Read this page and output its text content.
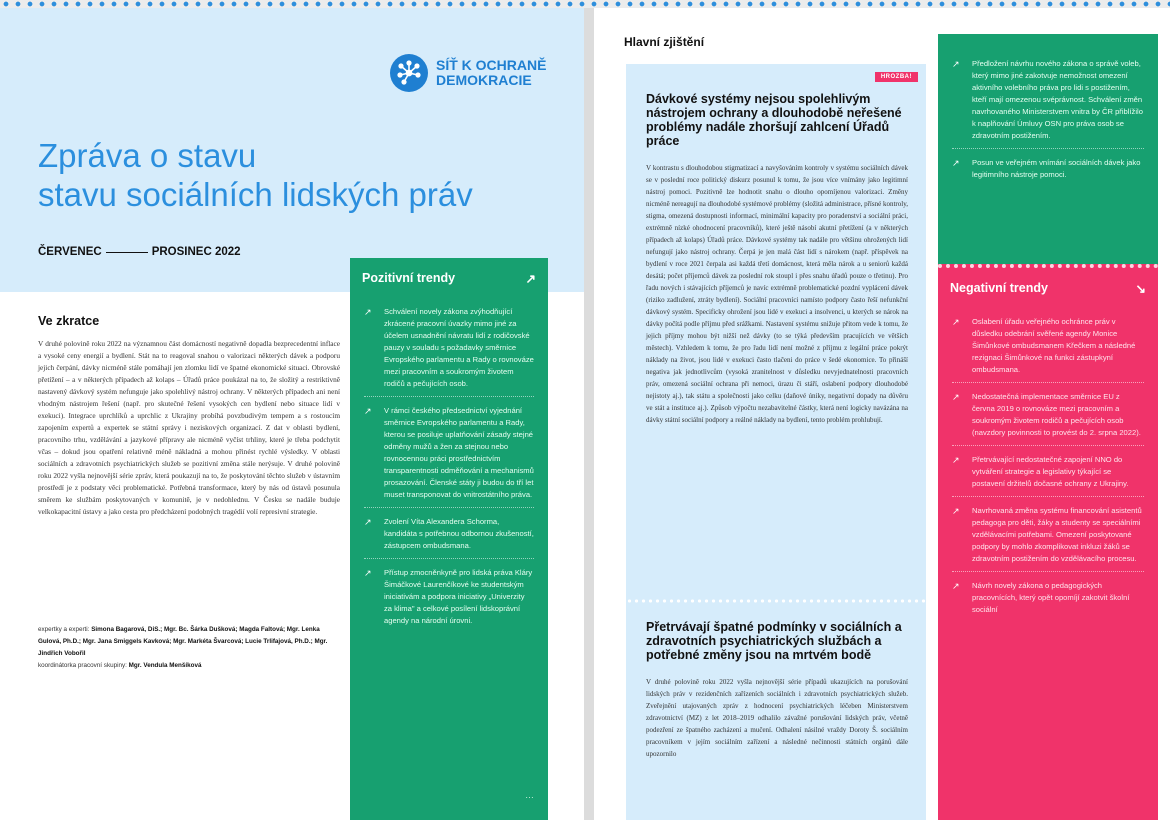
SÍŤ K OCHRANĚ
DEMOKRACIE
Zpráva o stavu
stavu sociálních lidských práv
ČERVENEC	PROSINEC 2022
Ve zkratce

V druhé polovině roku 2022 na významnou část domácností negativně dopadla bezprecedentní inflace a vysoké ceny energií a bydlení. Stát na to reagoval snahou o valorizaci některých dávek a podporu jejich čerpání, dávky nicméně stále pomáhají jen zlomku lidí ve špatné ekonomické situaci. Obrovské přetížení – a v některých případech až kolaps – Úřadů práce poukázal na to, že složitý a restriktivně nastavený dávkový systém nefunguje jako spolehlivý nástroj ochrany. V některých případech ani není vhodným nástrojem řešení (např. pro skutečné řešení vysokých cen bydlení nebo situace lidí v exekuci). Integrace uprchlíků a uprchlic z Ukrajiny probíhá povzbudivým tempem a s rostoucím zapojením expertů a expertek se státní správy i neziskových organizací. Z dat v oblasti bydlení, pracovního trhu, vzdělávání a jazykové přípravy ale nicméně vyčíst trhliny, které je třeba podchytit včas – dokud jsou opatření relativně méně nákladná a mohou přinést rychlé výsledky. V oblasti sociálních a zdravotních psychiatrických služeb se pozitivní změna stále nerýsuje. V druhé polovině roku 2022 vyšla nejnovější série zpráv, která poukazují na to, že poskytování těchto služeb v ústavním prostředí je z podstaty věci problematické. Potřebná transformace, který by nás od ústavů posunula směrem ke službám poskytovaných v komunitě, je v nedohlednu. V Česku se nadále buduje velkokapacitní ústavy a jako cesta pro předcházení podobných tragédií volí represivní strategie.

expertky a experti: Simona Bagarová, DiS.; Mgr. Bc. Šárka Dušková; Magda Faltová; Mgr. Lenka Gulová, Ph.D.; Mgr. Jana Smiggels Kavková; Mgr. Markéta Švarcová; Lucie Trlifajová, Ph.D.; Mgr. Jindřich Vobořil
koordinátorka pracovní skupiny: Mgr. Vendula Menšíková
Pozitivní trendy	↗
↗ Schválení novely zákona zvýhodňující zkrácené pracovní úvazky mimo jiné za účelem usnadnění návratu lidí z rodičovské pauzy v souladu s požadavky směrnice Evropského parlamentu a Rady o rovnováze mezi pracovním a soukromým životem rodičů a pečujících osob.
↗ V rámci českého předsednictví vyjednání směrnice Evropského parlamentu a Rady, kterou se posiluje uplatňování zásady stejné odměny mužů a žen za stejnou nebo rovnocennou práci prostřednictvím transparentnosti odměňování a mechanismů prosazování. Členské státy ji budou do tří let muset transponovat do vnitrostátního práva.
↗ Zvolení Víta Alexandera Schorma, kandidáta s potřebnou odbornou zkušeností, zástupcem ombudsmana.
↗ Přístup zmocněnkyně pro lidská práva Kláry Šimáčkové Laurenčíkové ke studentským iniciativám a podpora iniciativy „Univerzity za klima" a celkové posílení lidskoprávní agendy na národní úrovni.
…
Hlavní zjištění
HROZBA!
Dávkové systémy nejsou spolehlivým nástrojem ochrany a dlouhodobě neřešené problémy nadále zhoršují zahlcení Úřadů práce

V kontrastu s dlouhodobou stigmatizací a navyšováním kontroly v systému sociálních dávek se v poslední roce politický diskurz posunul k tomu, že jsou více vnímány jako legitimní nástroj pomoci. Pozitivně lze hodnotit snahu o dlouho opomíjenou valorizaci. Změny nicméně nereagují na dlouhodobé systémové problémy (složitá administrace, přísné kontroly, stigma, omezená dostupnosti informací, minimální kapacity pro poradenství a sociální práci, extrémně nízké ohodnocení pracovníků), které ještě násobí akutní přetížení (a v některých případech až kolaps) Úřadů práce. Dávkové systémy tak nadále pro většinu ohrožených lidí nefungují jako nástroj ochrany. Čerpá je jen malá část lidí s nárokem (např. příspěvek na bydlení v roce 2021 čerpala asi každá třetí domácnost, která měla nárok a u seniorů každá desátá; počet příjemců dávek za poslední rok stoupl i přes snahu úřadů pouze o třetinu). Pro řadu nových i stávajících příjemců je navíc extrémně problematické pozdní vyplácení dávek (riziko zadlužení, ztráty bydlení). Sociální pracovníci namísto podpory často řeší nefunkční dávkový systém. Specificky ohrožení jsou lidé v exekuci a insolvenci, u kterých se nárok na dávky počítá podle příjmu před srážkami. Nastavení systému snižuje přitom vede k tomu, že jejich příjmy mohou být nižší než dávky (to se týká především pracujících ve větších městech). Vzhledem k tomu, že pro řadu lidí není možné z příjmu z legální práce pokrýt náklady na život, jsou lidé v exekuci často tlačeni do práce v šedé ekonomice. To přináší negativa jak jednotlivcům (vysoká zranitelnost v důsledku nevyjednatelnosti pracovních práv, omezená sociální ochrana při nemoci, úrazu či stáří, oslabení podpory dlouhodobé nejistoty aj.), tak státu a společnosti jako celku (daňové úniky, negativní dopady na důvěru ve stát a instituce aj.). Způsob výpočtu nezabavitelné částky, která není logicky navázána na dávky státní sociální podpory a reálné náklady na bydlení, tento problém prohlubují.

Přetrvávají špatné podmínky v sociálních a zdravotních psychiatrických službách a potřebné změny jsou na mrtvém bodě

V druhé polovině roku 2022 vyšla nejnovější série případů ukazujících na porušování lidských práv v rezidenčních zařízeních sociálních i zdravotních psychiatrických služeb. Zveřejnění utajovaných zpráv z hodnocení psychiatrických léčeben Ministerstvem zdravotnictví (MZ) z let 2018–2019 odhalilo závažné porušování lidských práv, včetně podezření ze špatného zacházení a mučení. Odhalení násilné vraždy Doroty Š. sociálním pracovníkem v jejím sociálním zařízení a následné nečinnosti státních orgánů dále upozornilo

↗ Předložení návrhu nového zákona o správě voleb, který mimo jiné zakotvuje nemožnost omezení aktivního volebního práva pro lidi s postižením, kteří mají omezenou svéprávnost. Schválení změn navrhovaného Ministerstvem vnitra by ČR přiblížilo k naplňování Úmluvy OSN pro práva osob se zdravotním postižením.
↗ Posun ve veřejném vnímání sociálních dávek jako legitimního nástroje pomoci.
Negativní trendy	↘
↗ Oslabení úřadu veřejného ochránce práv v důsledku odebrání svěřené agendy Monice Šimůnkové ombudsmanem Křečkem a následné rezignaci Šimůnkové na funkci zástupkyní ombudsmana.
↗ Nedostatečná implementace směrnice EU z června 2019 o rovnováze mezi pracovním a soukromým životem rodičů a pečujících osob (navzdory povinnosti to provést do 2. srpna 2022).
↗ Přetrvávající nedostatečné zapojení NNO do vytváření strategie a legislativy týkající se postavení držitelů dočasné ochrany z Ukrajiny.
↗ Navrhovaná změna systému financování asistentů pedagoga pro děti, žáky a studenty se speciálními vzdělávacími potřebami. Omezení poskytované podpory by mohlo zkomplikovat inkluzi žáků se zdravotním postižením do vzdělávacího procesu.
↗ Návrh novely zákona o pedagogických pracovnících, který opět opomíjí zakotvit školní sociální
